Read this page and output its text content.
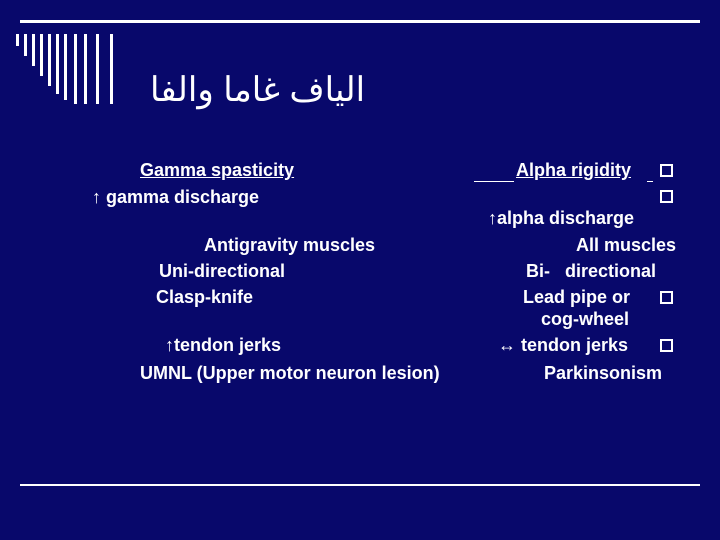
الياف غاما والفا
Gamma spasticity
↑ gamma discharge
Antigravity muscles
Uni-directional
Clasp-knife
↑tendon jerks
UMNL (Upper motor neuron lesion)
Alpha rigidity
↑alpha discharge
All muscles
Bi-   directional
Lead pipe or
cog-wheel
↔ tendon jerks
Parkinsonism
